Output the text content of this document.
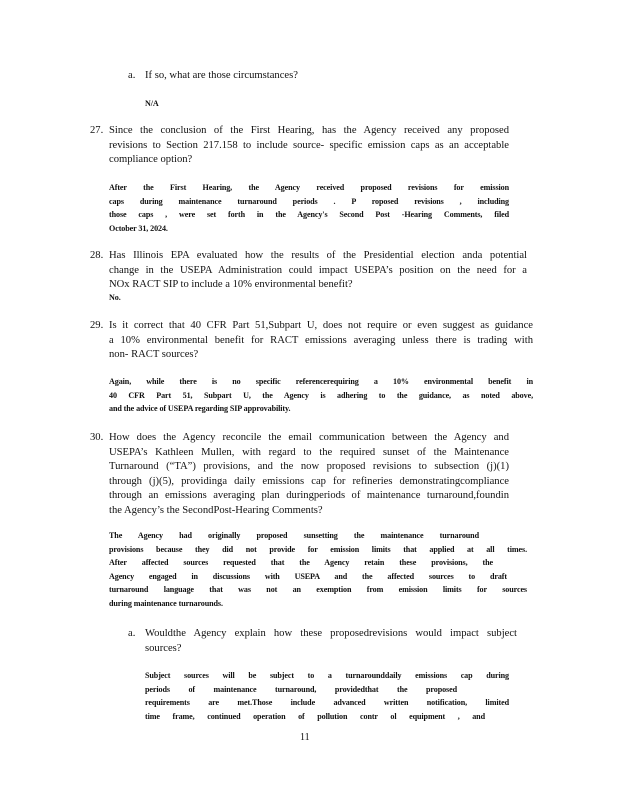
a. If so, what are those circumstances?
N/A
27. Since the conclusion of the First Hearing, has the Agency received any proposed
revisions to Section 217.158 to include source- specific emission caps as an acceptable
compliance option?
After the First Hearing, the Agency received proposed revisions for emission
caps during maintenance turnaround periods . P roposed revisions , including
those caps , were set forth in the Agency's Second Post -Hearing Comments, filed
October 31, 2024.
28. Has Illinois EPA evaluated how the results of the Presidential election anda potential
change in the USEPA Administration could impact USEPA’s position on the need for a
NOx RACT SIP to include a 10% environmental benefit?
No.
29. Is it correct that 40 CFR Part 51,Subpart U, does not require or even suggest as guidance
a 10% environmental benefit for RACT emissions averaging unless there is trading with
non- RACT sources?
Again, while there is no specific referencerequiring a 10% environmental benefit in
40 CFR Part 51, Subpart U, the Agency is adhering to the guidance, as noted above,
and the advice of USEPA regarding SIP approvability.
30. How does the Agency reconcile the email communication between the Agency and
USEPA’s Kathleen Mullen, with regard to the required sunset of the Maintenance
Turnaround (“TA”) provisions, and the now proposed revisions to subsection (j)(1)
through (j)(5), providinga daily emissions cap for refineries demonstratingcompliance
through an emissions averaging plan duringperiods of maintenance turnaround,foundin
the Agency’s the SecondPost-Hearing Comments?
The Agency had originally proposed sunsetting the maintenance turnaround
provisions because they did not provide for emission limits that applied at all times.
After affected sources requested that the Agency retain these provisions, the
Agency engaged in discussions with USEPA and the affected sources to draft
turnaround language that was not an exemption from emission limits for sources
during maintenance turnarounds.
a. Wouldthe Agency explain how these proposedrevisions would impact subject
sources?
Subject sources will be subject to a turnarounddaily emissions cap during
periods of maintenance turnaround, providedthat the proposed
requirements are met.Those include advanced written notification, limited
time frame, continued operation of pollution contr ol equipment , and
11
